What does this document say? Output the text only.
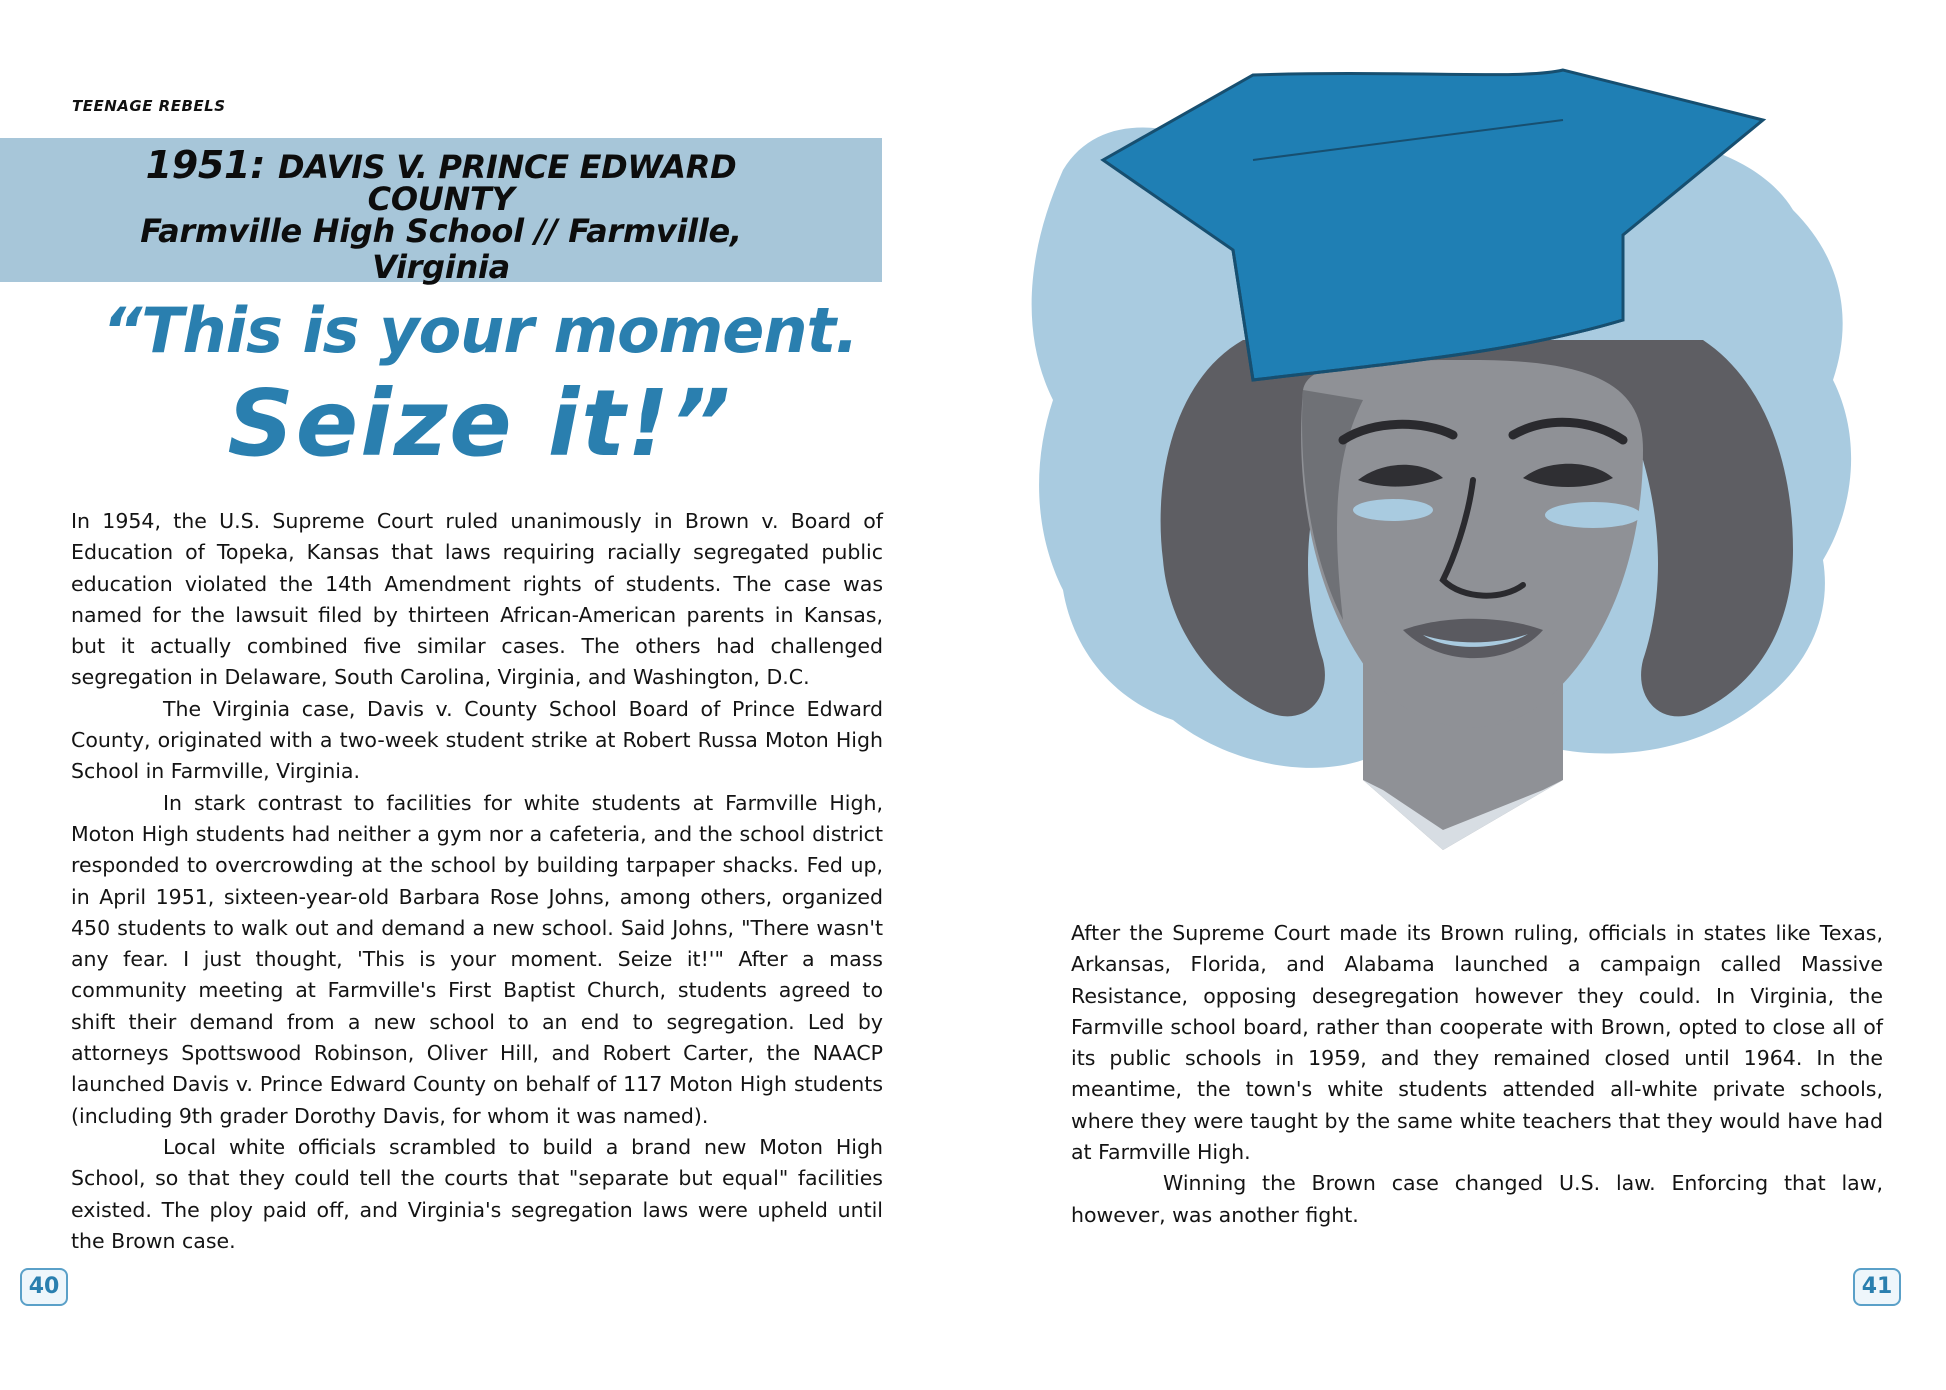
TEENAGE REBELS
1951: DAVIS V. PRINCE EDWARD
COUNTY
Farmville High School // Farmville,
Virginia
“This is your moment.
Seize it!”

In 1954, the U.S. Supreme Court ruled unanimously in Brown v. Board of Education of Topeka, Kansas that laws requiring racially segregated public education violated the 14th Amendment rights of students. The case was named for the lawsuit filed by thirteen African-American parents in Kansas, but it actually combined five similar cases. The others had challenged segregation in Delaware, South Carolina, Virginia, and Washington, D.C.

The Virginia case, Davis v. County School Board of Prince Edward County, originated with a two-week student strike at Robert Russa Moton High School in Farmville, Virginia.

In stark contrast to facilities for white students at Farmville High, Moton High students had neither a gym nor a cafeteria, and the school district responded to overcrowding at the school by building tarpaper shacks. Fed up, in April 1951, sixteen-year-old Barbara Rose Johns, among others, organized 450 students to walk out and demand a new school. Said Johns, "There wasn't any fear. I just thought, 'This is your moment. Seize it!'" After a mass community meeting at Farmville's First Baptist Church, students agreed to shift their demand from a new school to an end to segregation. Led by attorneys Spottswood Robinson, Oliver Hill, and Robert Carter, the NAACP launched Davis v. Prince Edward County on behalf of 117 Moton High students (including 9th grader Dorothy Davis, for whom it was named).

Local white officials scrambled to build a brand new Moton High School, so that they could tell the courts that "separate but equal" facilities existed. The ploy paid off, and Virginia's segregation laws were upheld until the Brown case.

40

After the Supreme Court made its Brown ruling, officials in states like Texas, Arkansas, Florida, and Alabama launched a campaign called Massive Resistance, opposing desegregation however they could. In Virginia, the Farmville school board, rather than cooperate with Brown, opted to close all of its public schools in 1959, and they remained closed until 1964. In the meantime, the town's white students attended all-white private schools, where they were taught by the same white teachers that they would have had at Farmville High.

Winning the Brown case changed U.S. law. Enforcing that law, however, was another fight.

41
